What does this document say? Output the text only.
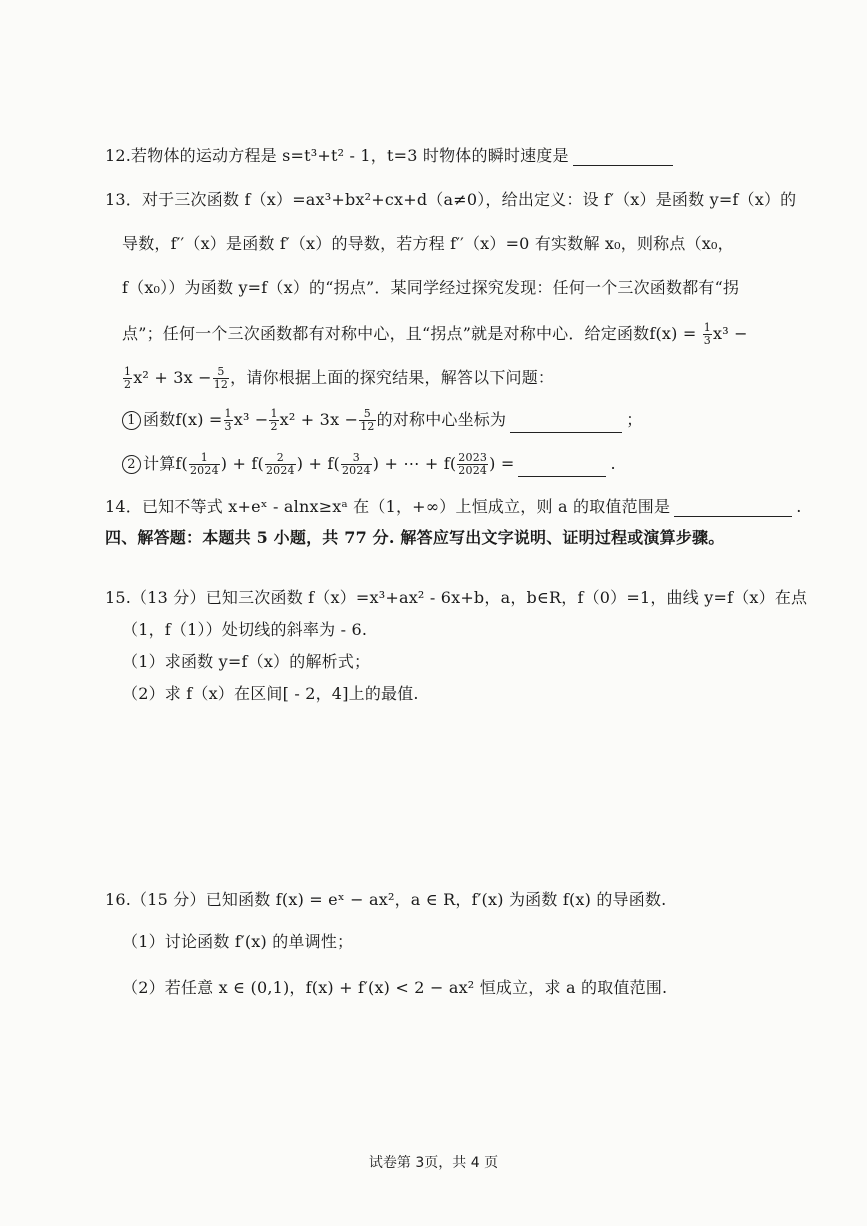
12.若物体的运动方程是 s=t³+t² - 1，t=3 时物体的瞬时速度是
13．对于三次函数 f（x）=ax³+bx²+cx+d（a≠0），给出定义：设 f′（x）是函数 y=f（x）的
导数，f′′（x）是函数 f′（x）的导数，若方程 f′′（x）=0 有实数解 x₀，则称点（x₀，
f（x₀））为函数 y=f（x）的“拐点”．某同学经过探究发现：任何一个三次函数都有“拐
点”；任何一个三次函数都有对称中心，且“拐点”就是对称中心．给定函数$f(x) = \frac{1}{3} x^3$ −
$\frac{1}{2} x^2 + 3x - \frac{5}{12}$ ，请你根据上面的探究结果，解答以下问题：
1 函数$f(x) = \frac{1}{3} x^3 - \frac{1}{2} x^2 + 3x - \frac{5}{12}$ 的对称中心坐标为	；
2 计算$f( \frac{1}{2024}$ ) + $f( \frac{2}{2024}$ ) + $f( \frac{3}{2024}$ ) + ⋯ + $f( \frac{2023}{2024}$ ) =	.
14．已知不等式 x+eˣ - alnx≥xᵃ 在（1，+∞）上恒成立，则 a 的取值范围是	.
四、解答题：本题共 5 小题，共 77 分. 解答应写出文字说明、证明过程或演算步骤。
15.（13 分）已知三次函数 f（x）=x³+ax² - 6x+b，a，b∈R，f（0）=1，曲线 y=f（x）在点
（1，f（1））处切线的斜率为 - 6.
（1）求函数 y=f（x）的解析式；
（2）求 f（x）在区间[ - 2，4]上的最值.
16.（15 分）已知函数 f(x) = eˣ − ax²，a ∈ R，f′(x) 为函数 f(x) 的导函数.
（1）讨论函数 f′(x) 的单调性；
（2）若任意 x ∈ (0,1)，f(x) + f′(x) < 2 − ax² 恒成立，求 a 的取值范围.
试卷第 3页，共 4 页
